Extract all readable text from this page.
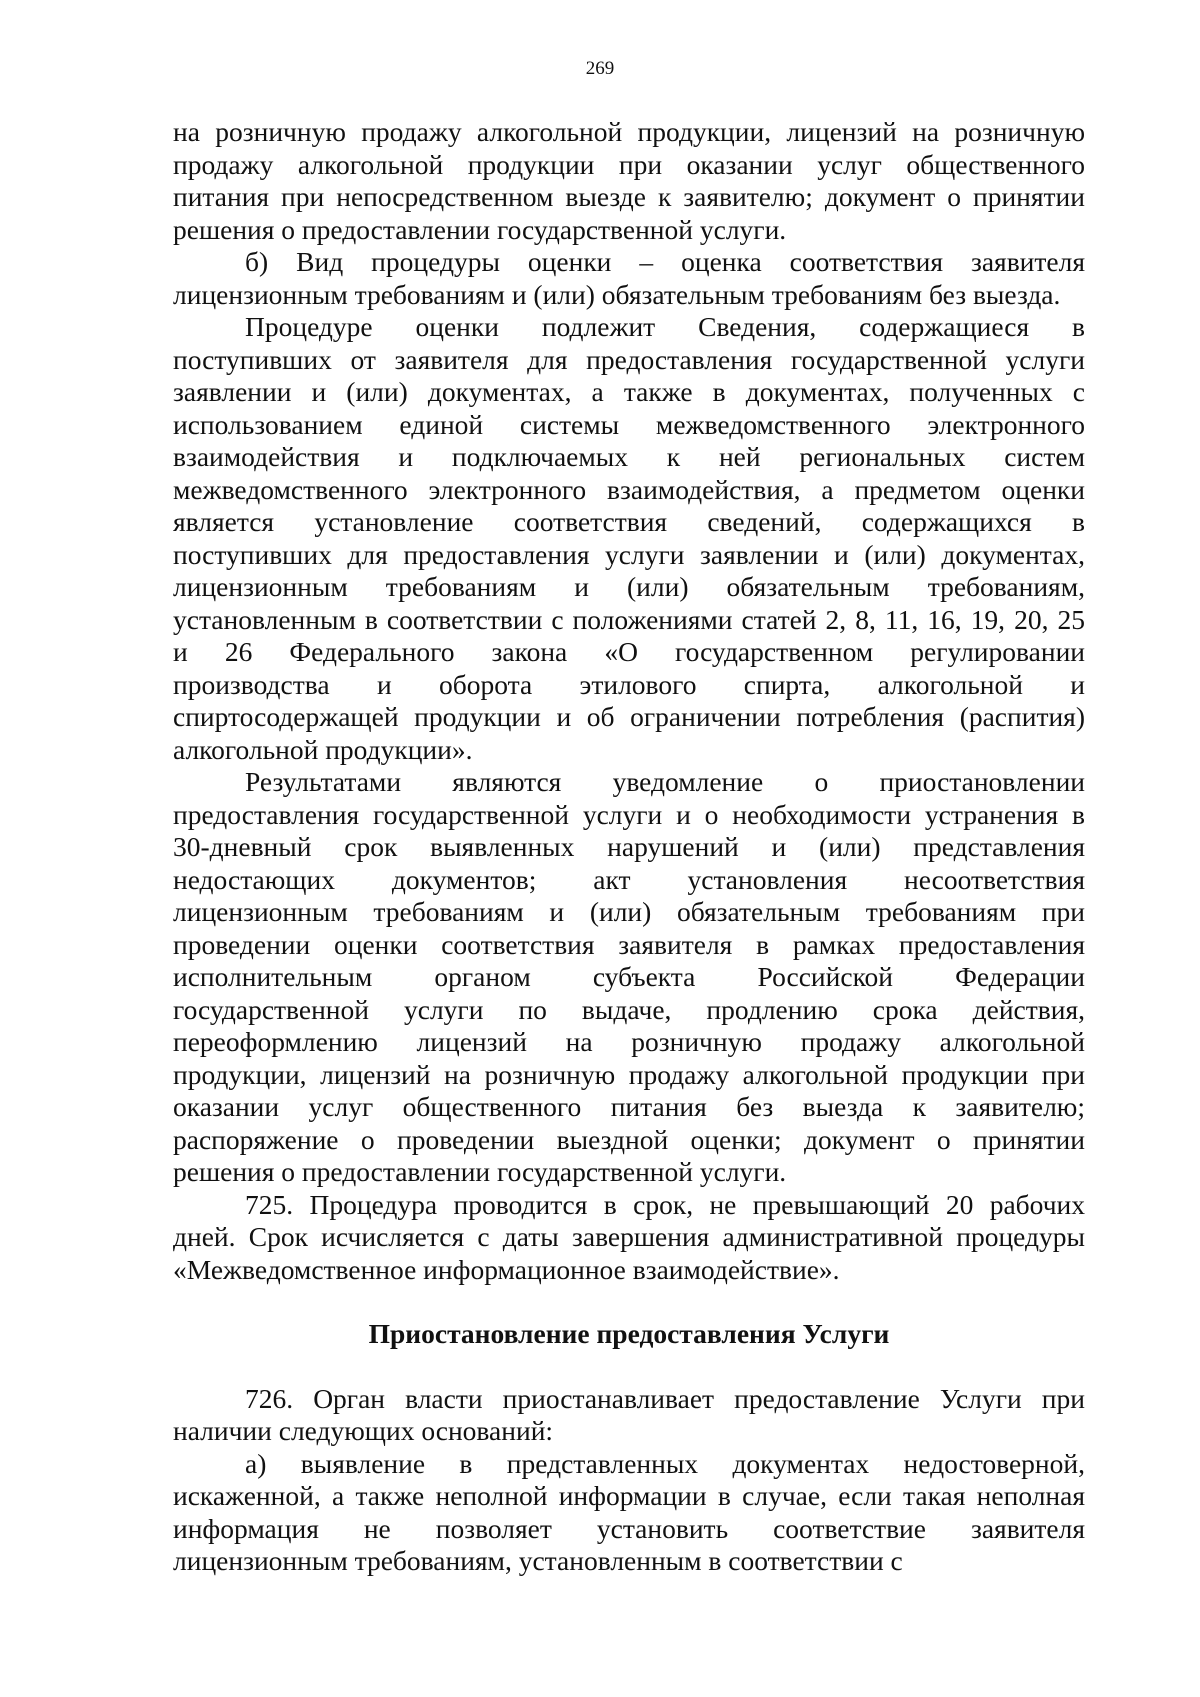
269
на розничную продажу алкогольной продукции, лицензий на розничную
продажу алкогольной продукции при оказании услуг общественного
питания при непосредственном выезде к заявителю; документ о принятии
решения о предоставлении государственной услуги.
б) Вид процедуры оценки – оценка соответствия заявителя
лицензионным требованиям и (или) обязательным требованиям без выезда.
Процедуре оценки подлежит Сведения, содержащиеся в
поступивших от заявителя для предоставления государственной услуги
заявлении и (или) документах, а также в документах, полученных с
использованием единой системы межведомственного электронного
взаимодействия и подключаемых к ней региональных систем
межведомственного электронного взаимодействия, а предметом оценки
является установление соответствия сведений, содержащихся в
поступивших для предоставления услуги заявлении и (или) документах,
лицензионным требованиям и (или) обязательным требованиям,
установленным в соответствии с положениями статей 2, 8, 11, 16, 19, 20, 25
и 26 Федерального закона «О государственном регулировании
производства и оборота этилового спирта, алкогольной и
спиртосодержащей продукции и об ограничении потребления (распития)
алкогольной продукции».
Результатами являются уведомление о приостановлении
предоставления государственной услуги и о необходимости устранения в
30-дневный срок выявленных нарушений и (или) представления
недостающих документов; акт установления несоответствия
лицензионным требованиям и (или) обязательным требованиям при
проведении оценки соответствия заявителя в рамках предоставления
исполнительным органом субъекта Российской Федерации
государственной услуги по выдаче, продлению срока действия,
переоформлению лицензий на розничную продажу алкогольной
продукции, лицензий на розничную продажу алкогольной продукции при
оказании услуг общественного питания без выезда к заявителю;
распоряжение о проведении выездной оценки; документ о принятии
решения о предоставлении государственной услуги.
725. Процедура проводится в срок, не превышающий 20 рабочих
дней. Срок исчисляется с даты завершения административной процедуры
«Межведомственное информационное взаимодействие».
Приостановление предоставления Услуги
726. Орган власти приостанавливает предоставление Услуги при
наличии следующих оснований:
а) выявление в представленных документах недостоверной,
искаженной, а также неполной информации в случае, если такая неполная
информация не позволяет установить соответствие заявителя
лицензионным требованиям, установленным в соответствии с
